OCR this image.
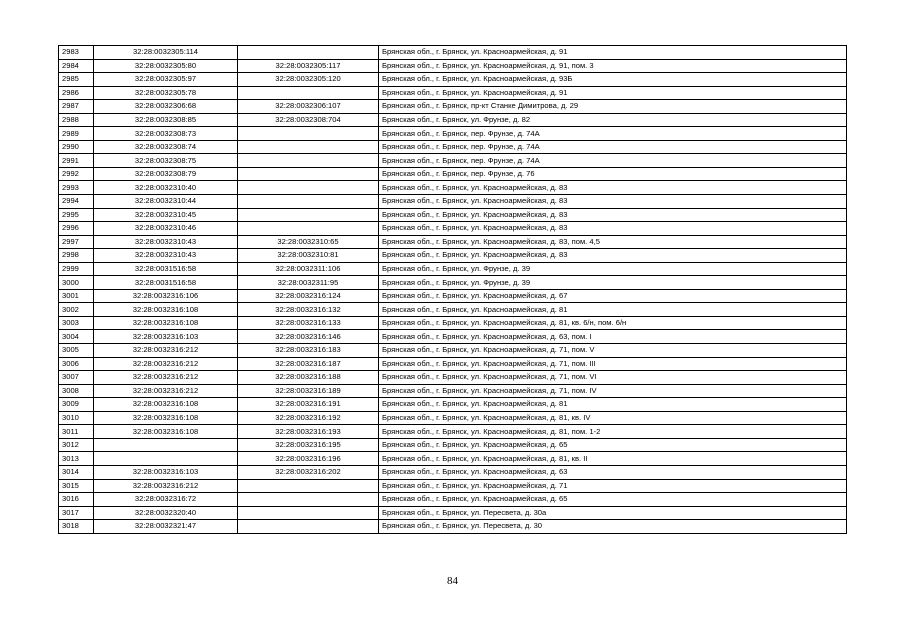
2983	32:28:0032305:114		Брянская обл., г. Брянск, ул. Красноармейская, д. 91
2984	32:28:0032305:80	32:28:0032305:117	Брянская обл., г. Брянск, ул. Красноармейская, д. 91, пом. 3
2985	32:28:0032305:97	32:28:0032305:120	Брянская обл., г. Брянск, ул. Красноармейская, д. 93Б
2986	32:28:0032305:78		Брянская обл., г. Брянск, ул. Красноармейская, д. 91
2987	32:28:0032306:68	32:28:0032306:107	Брянская обл., г. Брянск, пр-кт Станке Димитрова, д. 29
2988	32:28:0032308:85	32:28:0032308:704	Брянская обл., г. Брянск, ул. Фрунзе, д. 82
2989	32:28:0032308:73		Брянская обл., г. Брянск, пер. Фрунзе, д. 74А
2990	32:28:0032308:74		Брянская обл., г. Брянск, пер. Фрунзе, д. 74А
2991	32:28:0032308:75		Брянская обл., г. Брянск, пер. Фрунзе, д. 74А
2992	32:28:0032308:79		Брянская обл., г. Брянск, пер. Фрунзе, д. 76
2993	32:28:0032310:40		Брянская обл., г. Брянск, ул. Красноармейская, д. 83
2994	32:28:0032310:44		Брянская обл., г. Брянск, ул. Красноармейская, д. 83
2995	32:28:0032310:45		Брянская обл., г. Брянск, ул. Красноармейская, д. 83
2996	32:28:0032310:46		Брянская обл., г. Брянск, ул. Красноармейская, д. 83
2997	32:28:0032310:43	32:28:0032310:65	Брянская обл., г. Брянск, ул. Красноармейская, д. 83, пом. 4,5
2998	32:28:0032310:43	32:28:0032310:81	Брянская обл., г. Брянск, ул. Красноармейская, д. 83
2999	32:28:0031516:58	32:28:0032311:106	Брянская обл., г. Брянск, ул. Фрунзе, д. 39
3000	32:28:0031516:58	32:28:0032311:95	Брянская обл., г. Брянск, ул. Фрунзе, д. 39
3001	32:28:0032316:106	32:28:0032316:124	Брянская обл., г. Брянск, ул. Красноармейская, д. 67
3002	32:28:0032316:108	32:28:0032316:132	Брянская обл., г. Брянск, ул. Красноармейская, д. 81
3003	32:28:0032316:108	32:28:0032316:133	Брянская обл., г. Брянск, ул. Красноармейская, д. 81, кв. 6/н, пом. 6/н
3004	32:28:0032316:103	32:28:0032316:146	Брянская обл., г. Брянск, ул. Красноармейская, д. 63, пом. I
3005	32:28:0032316:212	32:28:0032316:183	Брянская обл., г. Брянск, ул. Красноармейская, д. 71, пом. V
3006	32:28:0032316:212	32:28:0032316:187	Брянская обл., г. Брянск, ул. Красноармейская, д. 71, пом. III
3007	32:28:0032316:212	32:28:0032316:188	Брянская обл., г. Брянск, ул. Красноармейская, д. 71, пом. VI
3008	32:28:0032316:212	32:28:0032316:189	Брянская обл., г. Брянск, ул. Красноармейская, д. 71, пом. IV
3009	32:28:0032316:108	32:28:0032316:191	Брянская обл., г. Брянск, ул. Красноармейская, д. 81
3010	32:28:0032316:108	32:28:0032316:192	Брянская обл., г. Брянск, ул. Красноармейская, д. 81, кв. IV
3011	32:28:0032316:108	32:28:0032316:193	Брянская обл., г. Брянск, ул. Красноармейская, д. 81, пом. 1-2
3012		32:28:0032316:195	Брянская обл., г. Брянск, ул. Красноармейская, д. 65
3013		32:28:0032316:196	Брянская обл., г. Брянск, ул. Красноармейская, д. 81, кв. II
3014	32:28:0032316:103	32:28:0032316:202	Брянская обл., г. Брянск, ул. Красноармейская, д. 63
3015	32:28:0032316:212		Брянская обл., г. Брянск, ул. Красноармейская, д. 71
3016	32:28:0032316:72		Брянская обл., г. Брянск, ул. Красноармейская, д. 65
3017	32:28:0032320:40		Брянская обл., г. Брянск, ул. Пересвета, д. 30а
3018	32:28:0032321:47		Брянская обл., г. Брянск, ул. Пересвета, д. 30
84
